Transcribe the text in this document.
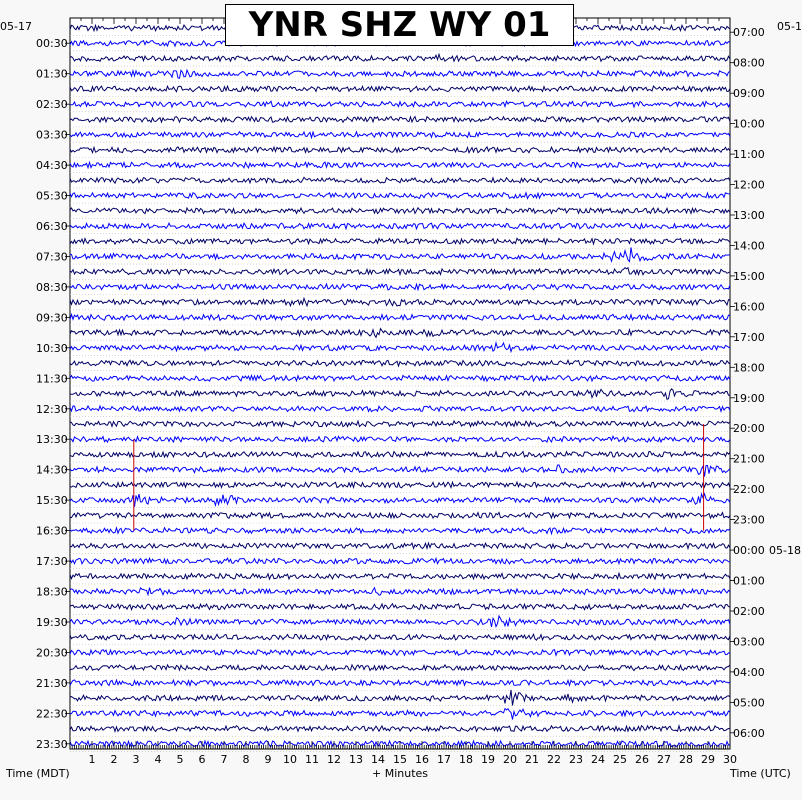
1 2 3 4 5 6 7 8 9 10 11 12 13 14 15 16 17 18 19 20 21 22 23 24 25 26 27 28 29 30
00:30
01:30
02:30
03:30
04:30
05:30
06:30
07:30
08:30
09:30
10:30
11:30
12:30
13:30
14:30
15:30
16:30
17:30
18:30
19:30
20:30
21:30
22:30
23:30
07:00
08:00
09:00
10:00
11:00
12:00
13:00
14:00
15:00
16:00
17:00
18:00
19:00
20:00
21:00
22:00
23:00
00:00 05-18
01:00
02:00
03:00
04:00
05:00
06:00
YNR SHZ WY 01
05-17	05-1
Time (MDT)	+ Minutes	Time (UTC)
